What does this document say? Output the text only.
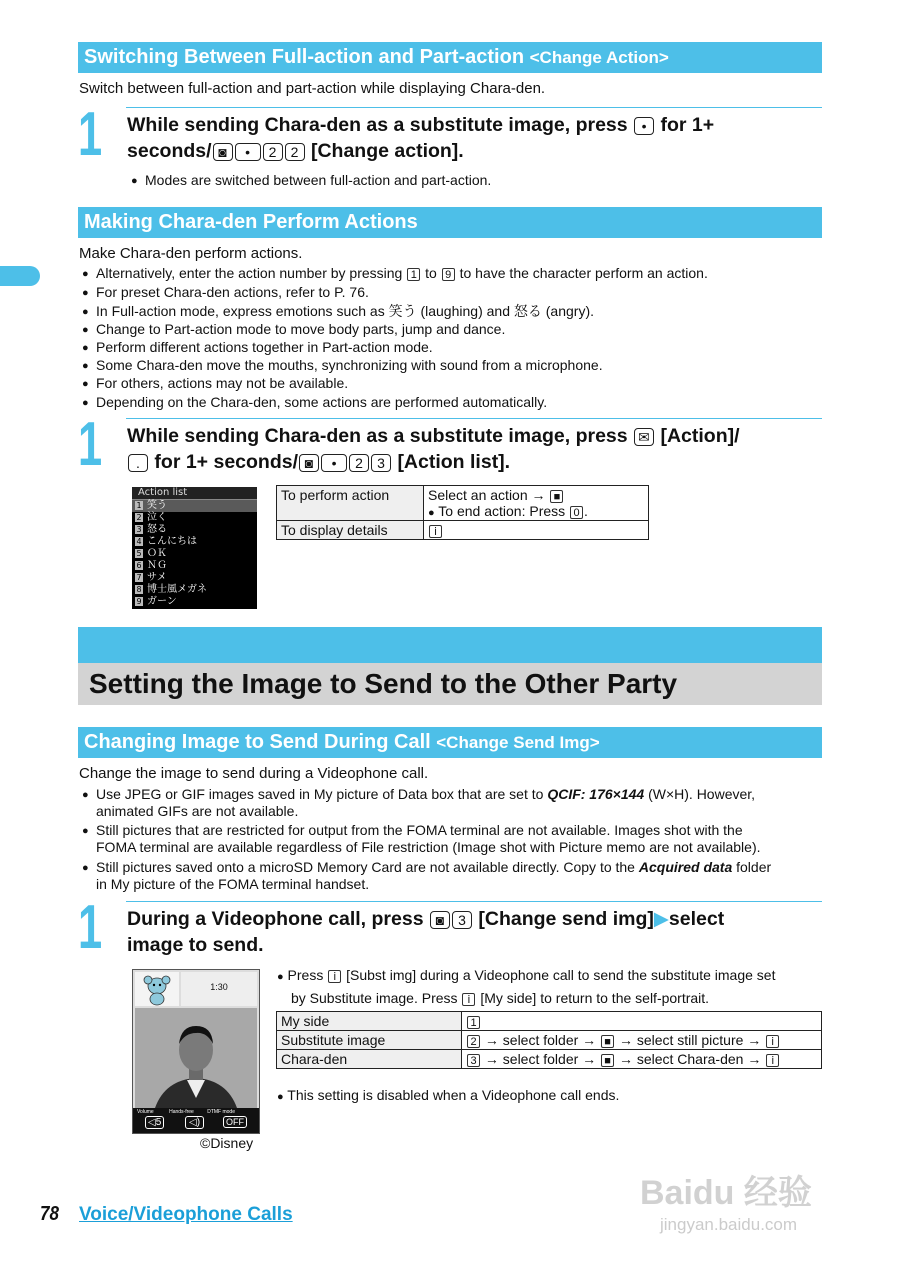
Switching Between Full-action and Part-action <Change Action>
Switch between full-action and part-action while displaying Chara-den.
1 While sending Chara-den as a substitute image, press • for 1+
seconds/ ◙ • 2 2 [Change action].
● Modes are switched between full-action and part-action.
Making Chara-den Perform Actions
Make Chara-den perform actions.
● Alternatively, enter the action number by pressing 1 to 9 to have the character perform an action.
● For preset Chara-den actions, refer to P. 76.
● In Full-action mode, express emotions such as 笑う (laughing) and 怒る (angry).
● Change to Part-action mode to move body parts, jump and dance.
● Perform different actions together in Part-action mode.
● Some Chara-den move the mouths, synchronizing with sound from a microphone.
● For others, actions may not be available.
● Depending on the Chara-den, some actions are performed automatically.
1 While sending Chara-den as a substitute image, press ✉ [Action]/
. for 1+ seconds/ ◙ • 2 3 [Action list].
Action list
1 笑う
2 泣く
3 怒る
4 こんにちは
5 ＯＫ
6 ＮＧ
7 サメ
8 博士風メガネ
9 ガーン
To perform action	Select an action → ■
● To end action: Press 0 .
To display details	ⅰ
Setting the Image to Send to the Other Party
Changing Image to Send During Call <Change Send Img>
Change the image to send during a Videophone call.
● Use JPEG or GIF images saved in My picture of Data box that are set to QCIF: 176×144 (W×H). However,
animated GIFs are not available.
● Still pictures that are restricted for output from the FOMA terminal are not available. Images shot with the
FOMA terminal are available regardless of File restriction (Image shot with Picture memo are not available).
● Still pictures saved onto a microSD Memory Card are not available directly. Copy to the Acquired data folder
in My picture of the FOMA terminal handset.
1 During a Videophone call, press ◙ 3 [Change send img]▶select
image to send.
1:30
Volume	Hands-free	DTMF mode
◁5	◁)	OFF
©Disney
● Press ⅰ [Subst img] during a Videophone call to send the substitute image set
by Substitute image. Press ⅰ [My side] to return to the self-portrait.
My side	1
Substitute image	2 → select folder → ■ → select still picture → ⅰ
Chara-den	3 → select folder → ■ → select Chara-den → ⅰ
● This setting is disabled when a Videophone call ends.
78 Voice/Videophone Calls
Baidu 经验
jingyan.baidu.com
